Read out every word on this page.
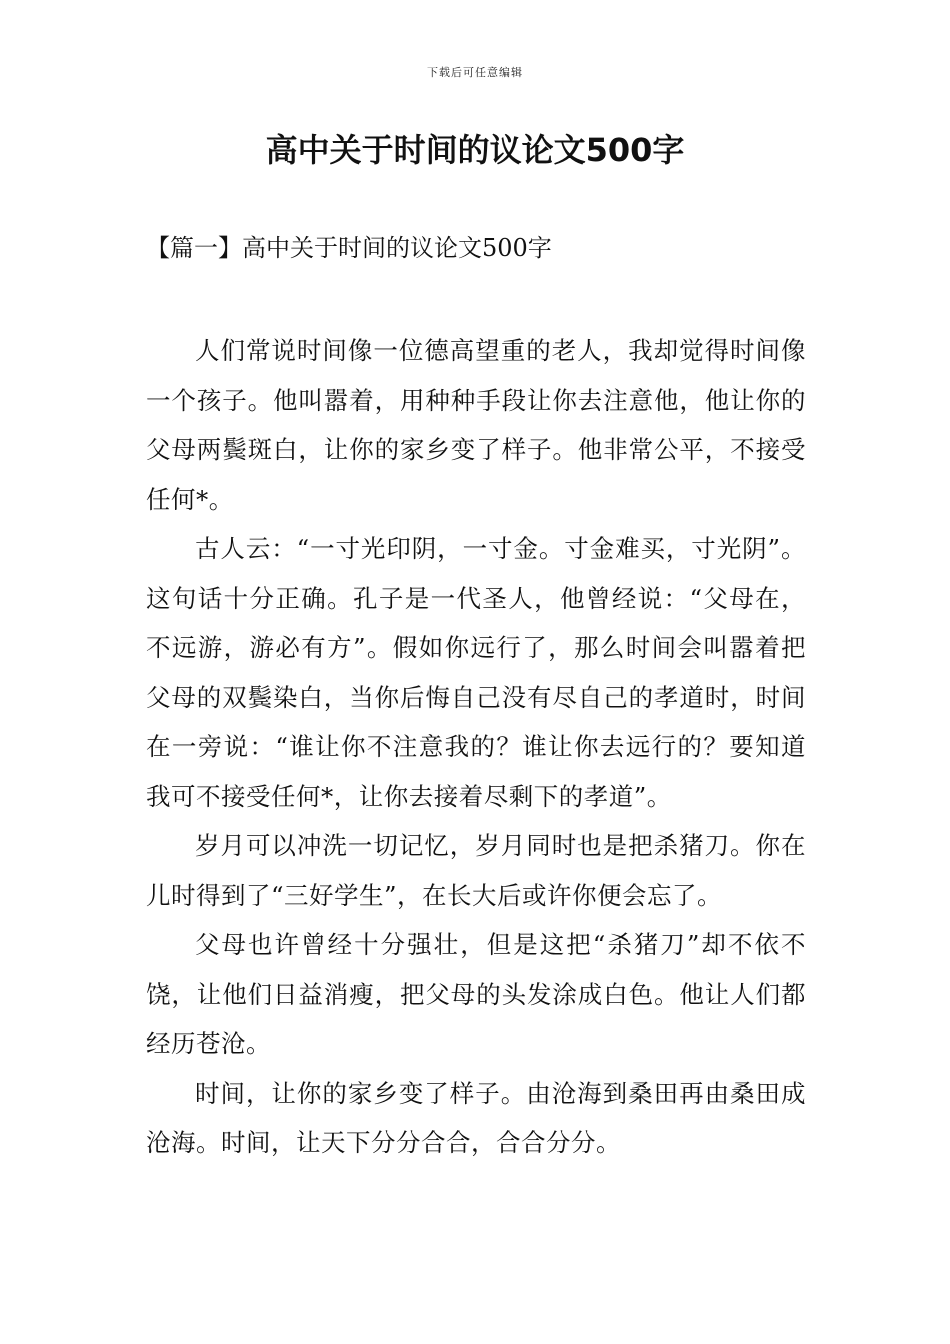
下载后可任意编辑
高中关于时间的议论文500字
【篇一】高中关于时间的议论文500字

人们常说时间像一位德高望重的老人，我却觉得时间像一个孩子。他叫嚣着，用种种手段让你去注意他，他让你的父母两鬓斑白，让你的家乡变了样子。他非常公平，不接受任何*。

古人云：“一寸光印阴，一寸金。寸金难买，寸光阴”。这句话十分正确。孔子是一代圣人，他曾经说：“父母在，不远游，游必有方”。假如你远行了，那么时间会叫嚣着把父母的双鬓染白，当你后悔自己没有尽自己的孝道时，时间在一旁说：“谁让你不注意我的？谁让你去远行的？要知道我可不接受任何*，让你去接着尽剩下的孝道”。

岁月可以冲洗一切记忆，岁月同时也是把杀猪刀。你在儿时得到了“三好学生”，在长大后或许你便会忘了。

父母也许曾经十分强壮，但是这把“杀猪刀”却不依不饶，让他们日益消瘦，把父母的头发涂成白色。他让人们都经历苍沧。

时间，让你的家乡变了样子。由沧海到桑田再由桑田成沧海。时间，让天下分分合合，合合分分。
